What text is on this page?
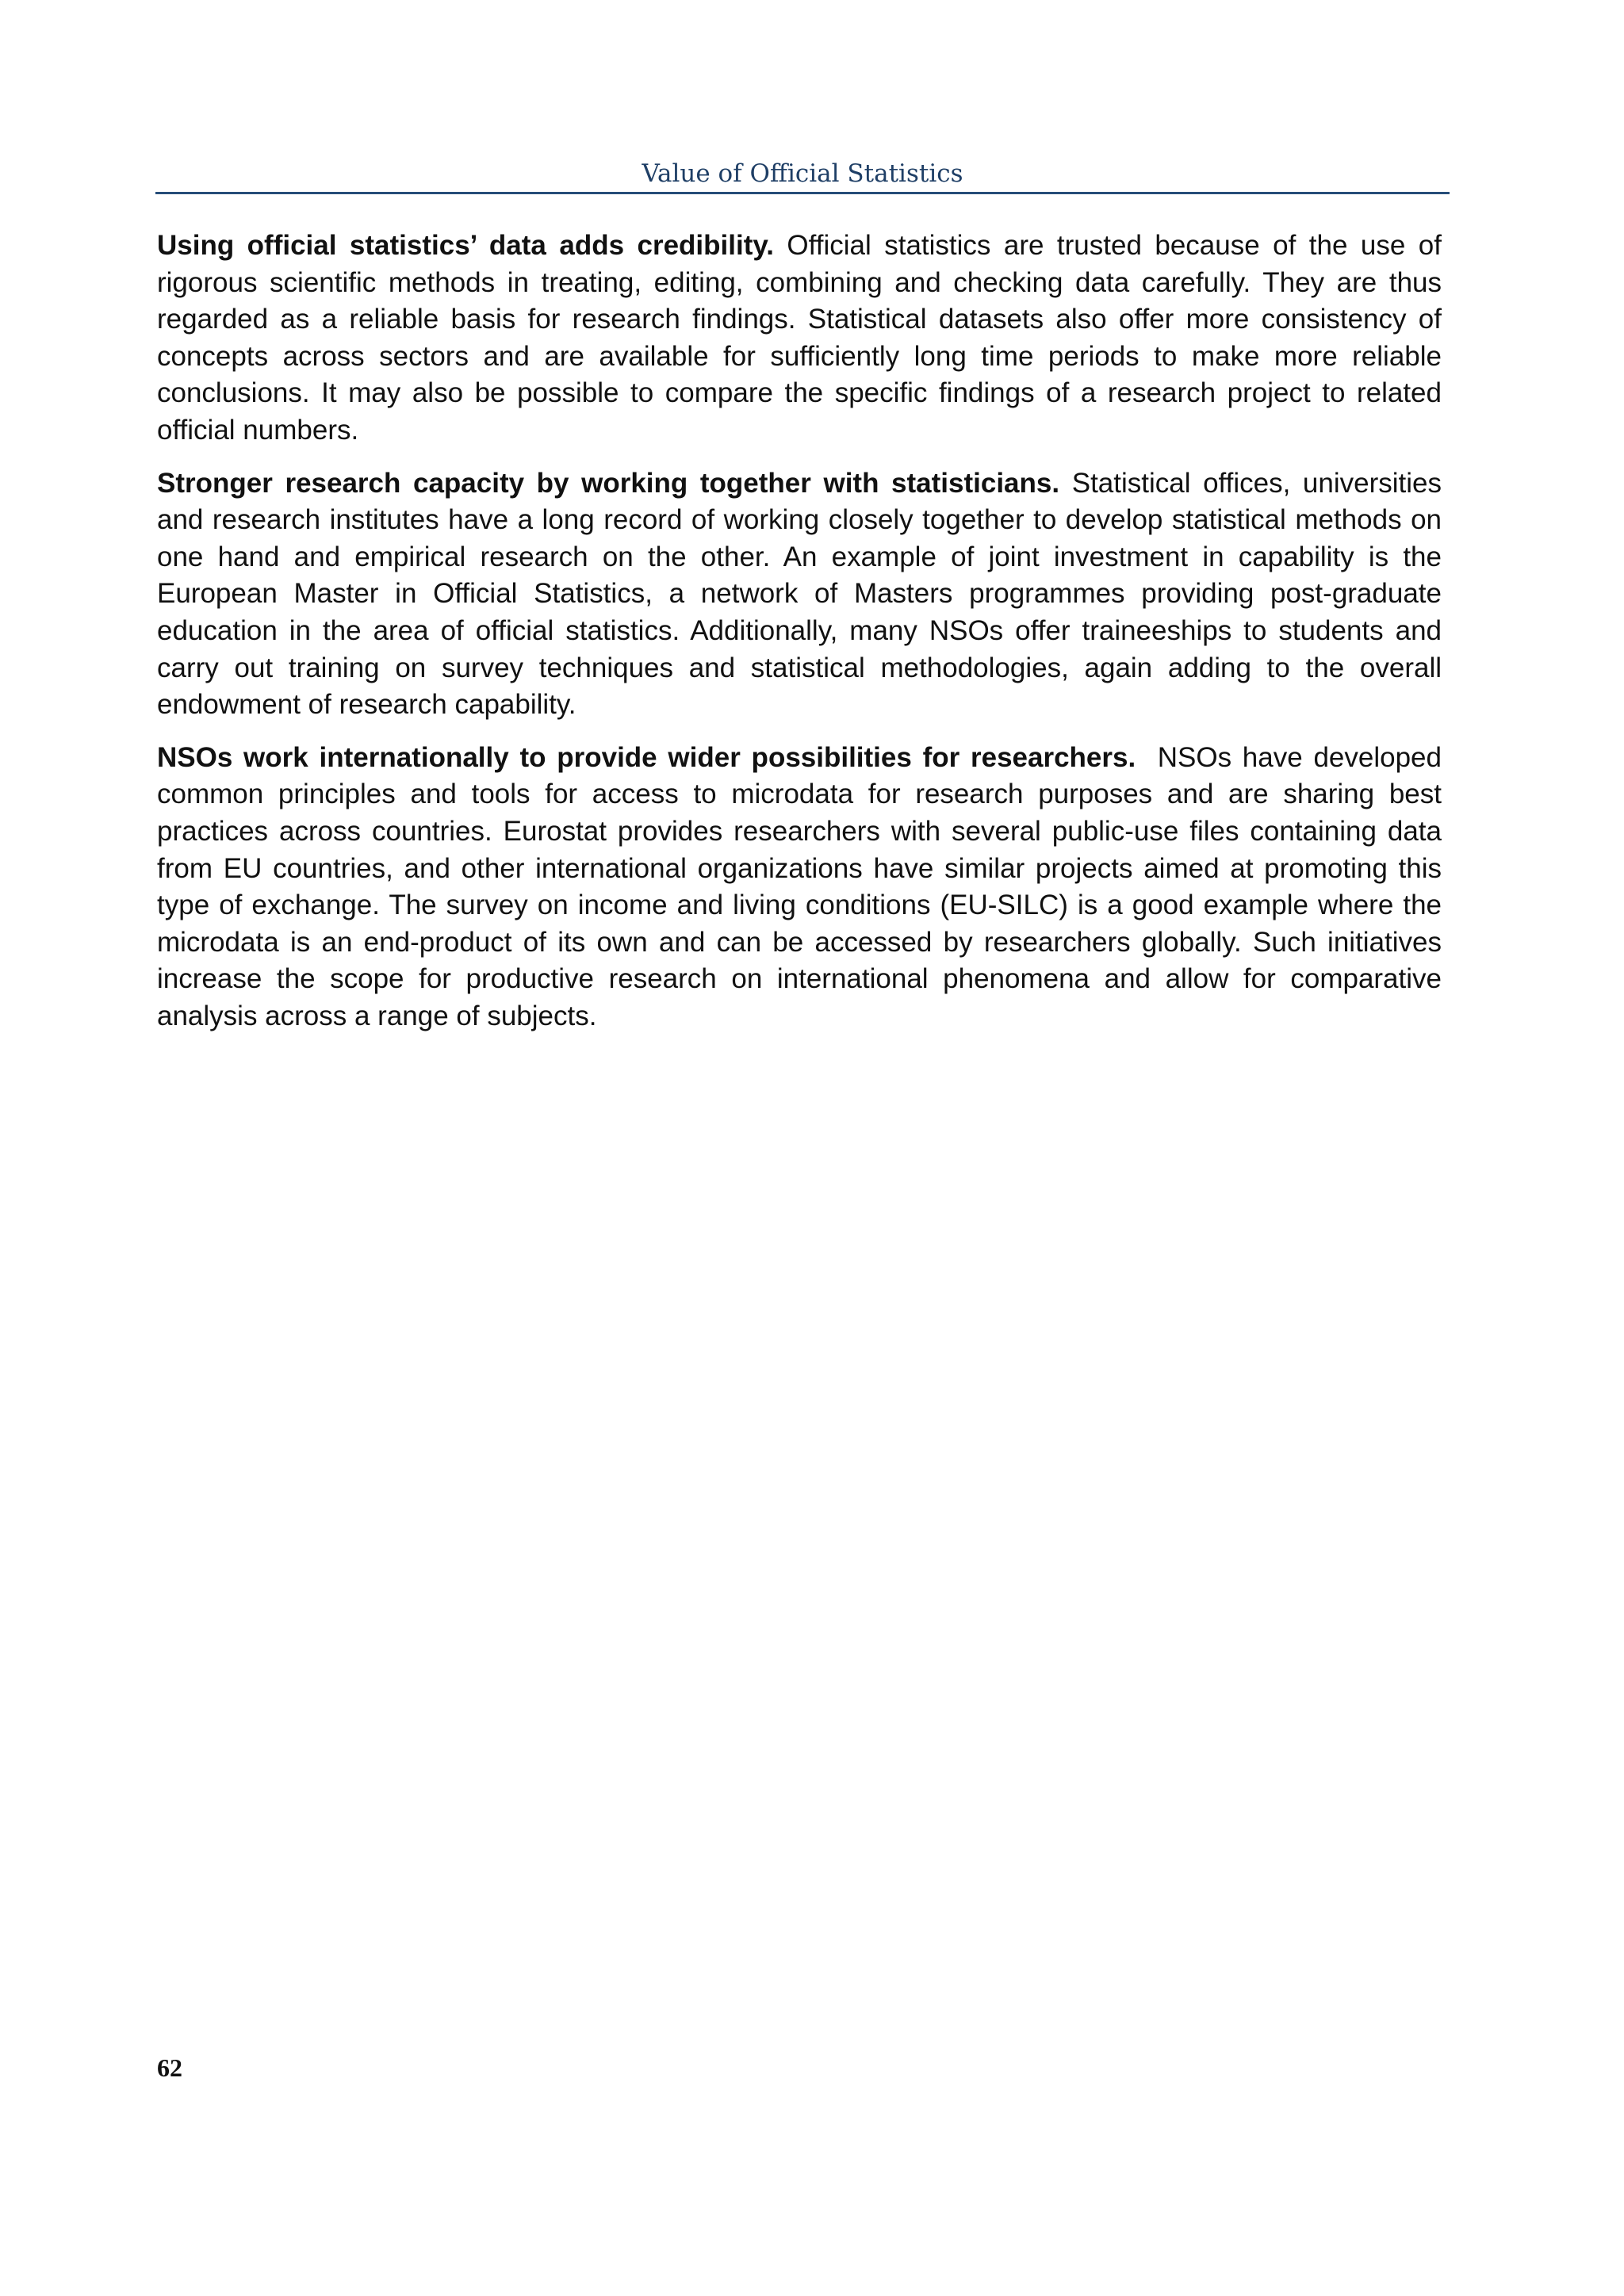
Value of Official Statistics

Using official statistics’ data adds credibility. Official statistics are trusted because of the use of rigorous scientific methods in treating, editing, combining and checking data carefully. They are thus regarded as a reliable basis for research findings. Statistical datasets also offer more consistency of concepts across sectors and are available for sufficiently long time periods to make more reliable conclusions. It may also be possible to compare the specific findings of a research project to related official numbers.

Stronger research capacity by working together with statisticians. Statistical offices, universities and research institutes have a long record of working closely together to develop statistical methods on one hand and empirical research on the other. An example of joint investment in capability is the European Master in Official Statistics, a network of Masters programmes providing post-graduate education in the area of official statistics. Additionally, many NSOs offer traineeships to students and carry out training on survey techniques and statistical methodologies, again adding to the overall endowment of research capability.

NSOs work internationally to provide wider possibilities for researchers. NSOs have developed common principles and tools for access to microdata for research purposes and are sharing best practices across countries. Eurostat provides researchers with several public-use files containing data from EU countries, and other international organizations have similar projects aimed at promoting this type of exchange. The survey on income and living conditions (EU-SILC) is a good example where the microdata is an end-product of its own and can be accessed by researchers globally. Such initiatives increase the scope for productive research on international phenomena and allow for comparative analysis across a range of subjects.

62
